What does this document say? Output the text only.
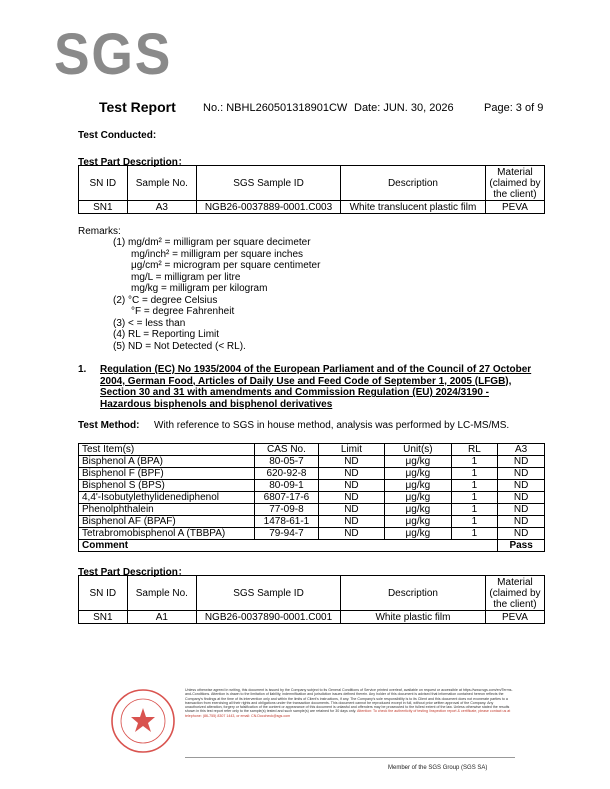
SGS
Test Report No.: NBHL260501318901CW Date: JUN. 30, 2026	Page: 3 of 9
Test Conducted:
Test Part Description：
SN ID	Sample No.	SGS Sample ID	Description	Material (claimed by the client)
SN1	A3	NGB26-0037889-0001.C003	White translucent plastic film	PEVA
Remarks:
(1) mg/dm² = milligram per square decimeter
mg/inch² = milligram per square inches
μg/cm² = microgram per square centimeter
mg/L = milligram per litre
mg/kg = milligram per kilogram
(2) °C = degree Celsius
°F = degree Fahrenheit
(3) < = less than
(4) RL = Reporting Limit
(5) ND = Not Detected (< RL).
1. Regulation (EC) No 1935/2004 of the European Parliament and of the Council of 27 October 2004, German Food, Articles of Daily Use and Feed Code of September 1, 2005 (LFGB), Section 30 and 31 with amendments and Commission Regulation (EU) 2024/3190 - Hazardous bisphenols and bisphenol derivatives
Test Method: With reference to SGS in house method, analysis was performed by LC-MS/MS.
Test Item(s)	CAS No.	Limit	Unit(s)	RL	A3
Bisphenol A (BPA)	80-05-7	ND	μg/kg	1	ND
Bisphenol F (BPF)	620-92-8	ND	μg/kg	1	ND
Bisphenol S (BPS)	80-09-1	ND	μg/kg	1	ND
4,4'-Isobutylethylidenediphenol	6807-17-6	ND	μg/kg	1	ND
Phenolphthalein	77-09-8	ND	μg/kg	1	ND
Bisphenol AF (BPAF)	1478-61-1	ND	μg/kg	1	ND
Tetrabromobisphenol A (TBBPA)	79-94-7	ND	μg/kg	1	ND
Comment					Pass
Test Part Description：
SN ID	Sample No.	SGS Sample ID	Description	Material (claimed by the client)
SN1	A1	NGB26-0037890-0001.C001	White plastic film	PEVA
Unless otherwise agreed in writing, this document is issued by the Company subject to its General Conditions of Service printed overleaf, available on request or accessible at https://www.sgs.com/en/Terms-and-Conditions. Attention is drawn to the limitation of liability, indemnification and jurisdiction issues defined therein. Any holder of this document is advised that information contained hereon reflects the Company's findings at the time of its intervention only and within the limits of Client's instructions, if any. The Company's sole responsibility is to its Client and this document does not exonerate parties to a transaction from exercising all their rights and obligations under the transaction documents. This document cannot be reproduced except in full, without prior written approval of the Company. Any unauthorized alteration, forgery or falsification of the content or appearance of this document is unlawful and offenders may be prosecuted to the fullest extent of the law. Unless otherwise stated the results shown in this test report refer only to the sample(s) tested and such sample(s) are retained for 30 days only. Attention: To check the authenticity of testing /inspection report & certificate, please contact us at telephone: (86-755) 8307 1443, or email: CN.Doccheck@sgs.com
Member of the SGS Group (SGS SA)
